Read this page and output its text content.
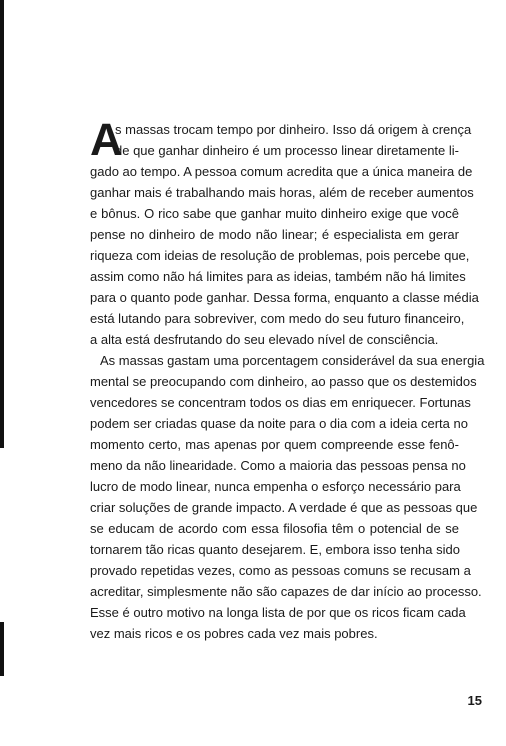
A
s massas trocam tempo por dinheiro. Isso dá origem à crença
de que ganhar dinheiro é um processo linear diretamente li-
gado ao tempo. A pessoa comum acredita que a única maneira de
ganhar mais é trabalhando mais horas, além de receber aumentos
e bônus. O rico sabe que ganhar muito dinheiro exige que você
pense no dinheiro de modo não linear; é especialista em gerar
riqueza com ideias de resolução de problemas, pois percebe que,
assim como não há limites para as ideias, também não há limites
para o quanto pode ganhar. Dessa forma, enquanto a classe média
está lutando para sobreviver, com medo do seu futuro financeiro,
a alta está desfrutando do seu elevado nível de consciência.
As massas gastam uma porcentagem considerável da sua energia
mental se preocupando com dinheiro, ao passo que os destemidos
vencedores se concentram todos os dias em enriquecer. Fortunas
podem ser criadas quase da noite para o dia com a ideia certa no
momento certo, mas apenas por quem compreende esse fenô-
meno da não linearidade. Como a maioria das pessoas pensa no
lucro de modo linear, nunca empenha o esforço necessário para
criar soluções de grande impacto. A verdade é que as pessoas que
se educam de acordo com essa filosofia têm o potencial de se
tornarem tão ricas quanto desejarem. E, embora isso tenha sido
provado repetidas vezes, como as pessoas comuns se recusam a
acreditar, simplesmente não são capazes de dar início ao processo.
Esse é outro motivo na longa lista de por que os ricos ficam cada
vez mais ricos e os pobres cada vez mais pobres.
15
